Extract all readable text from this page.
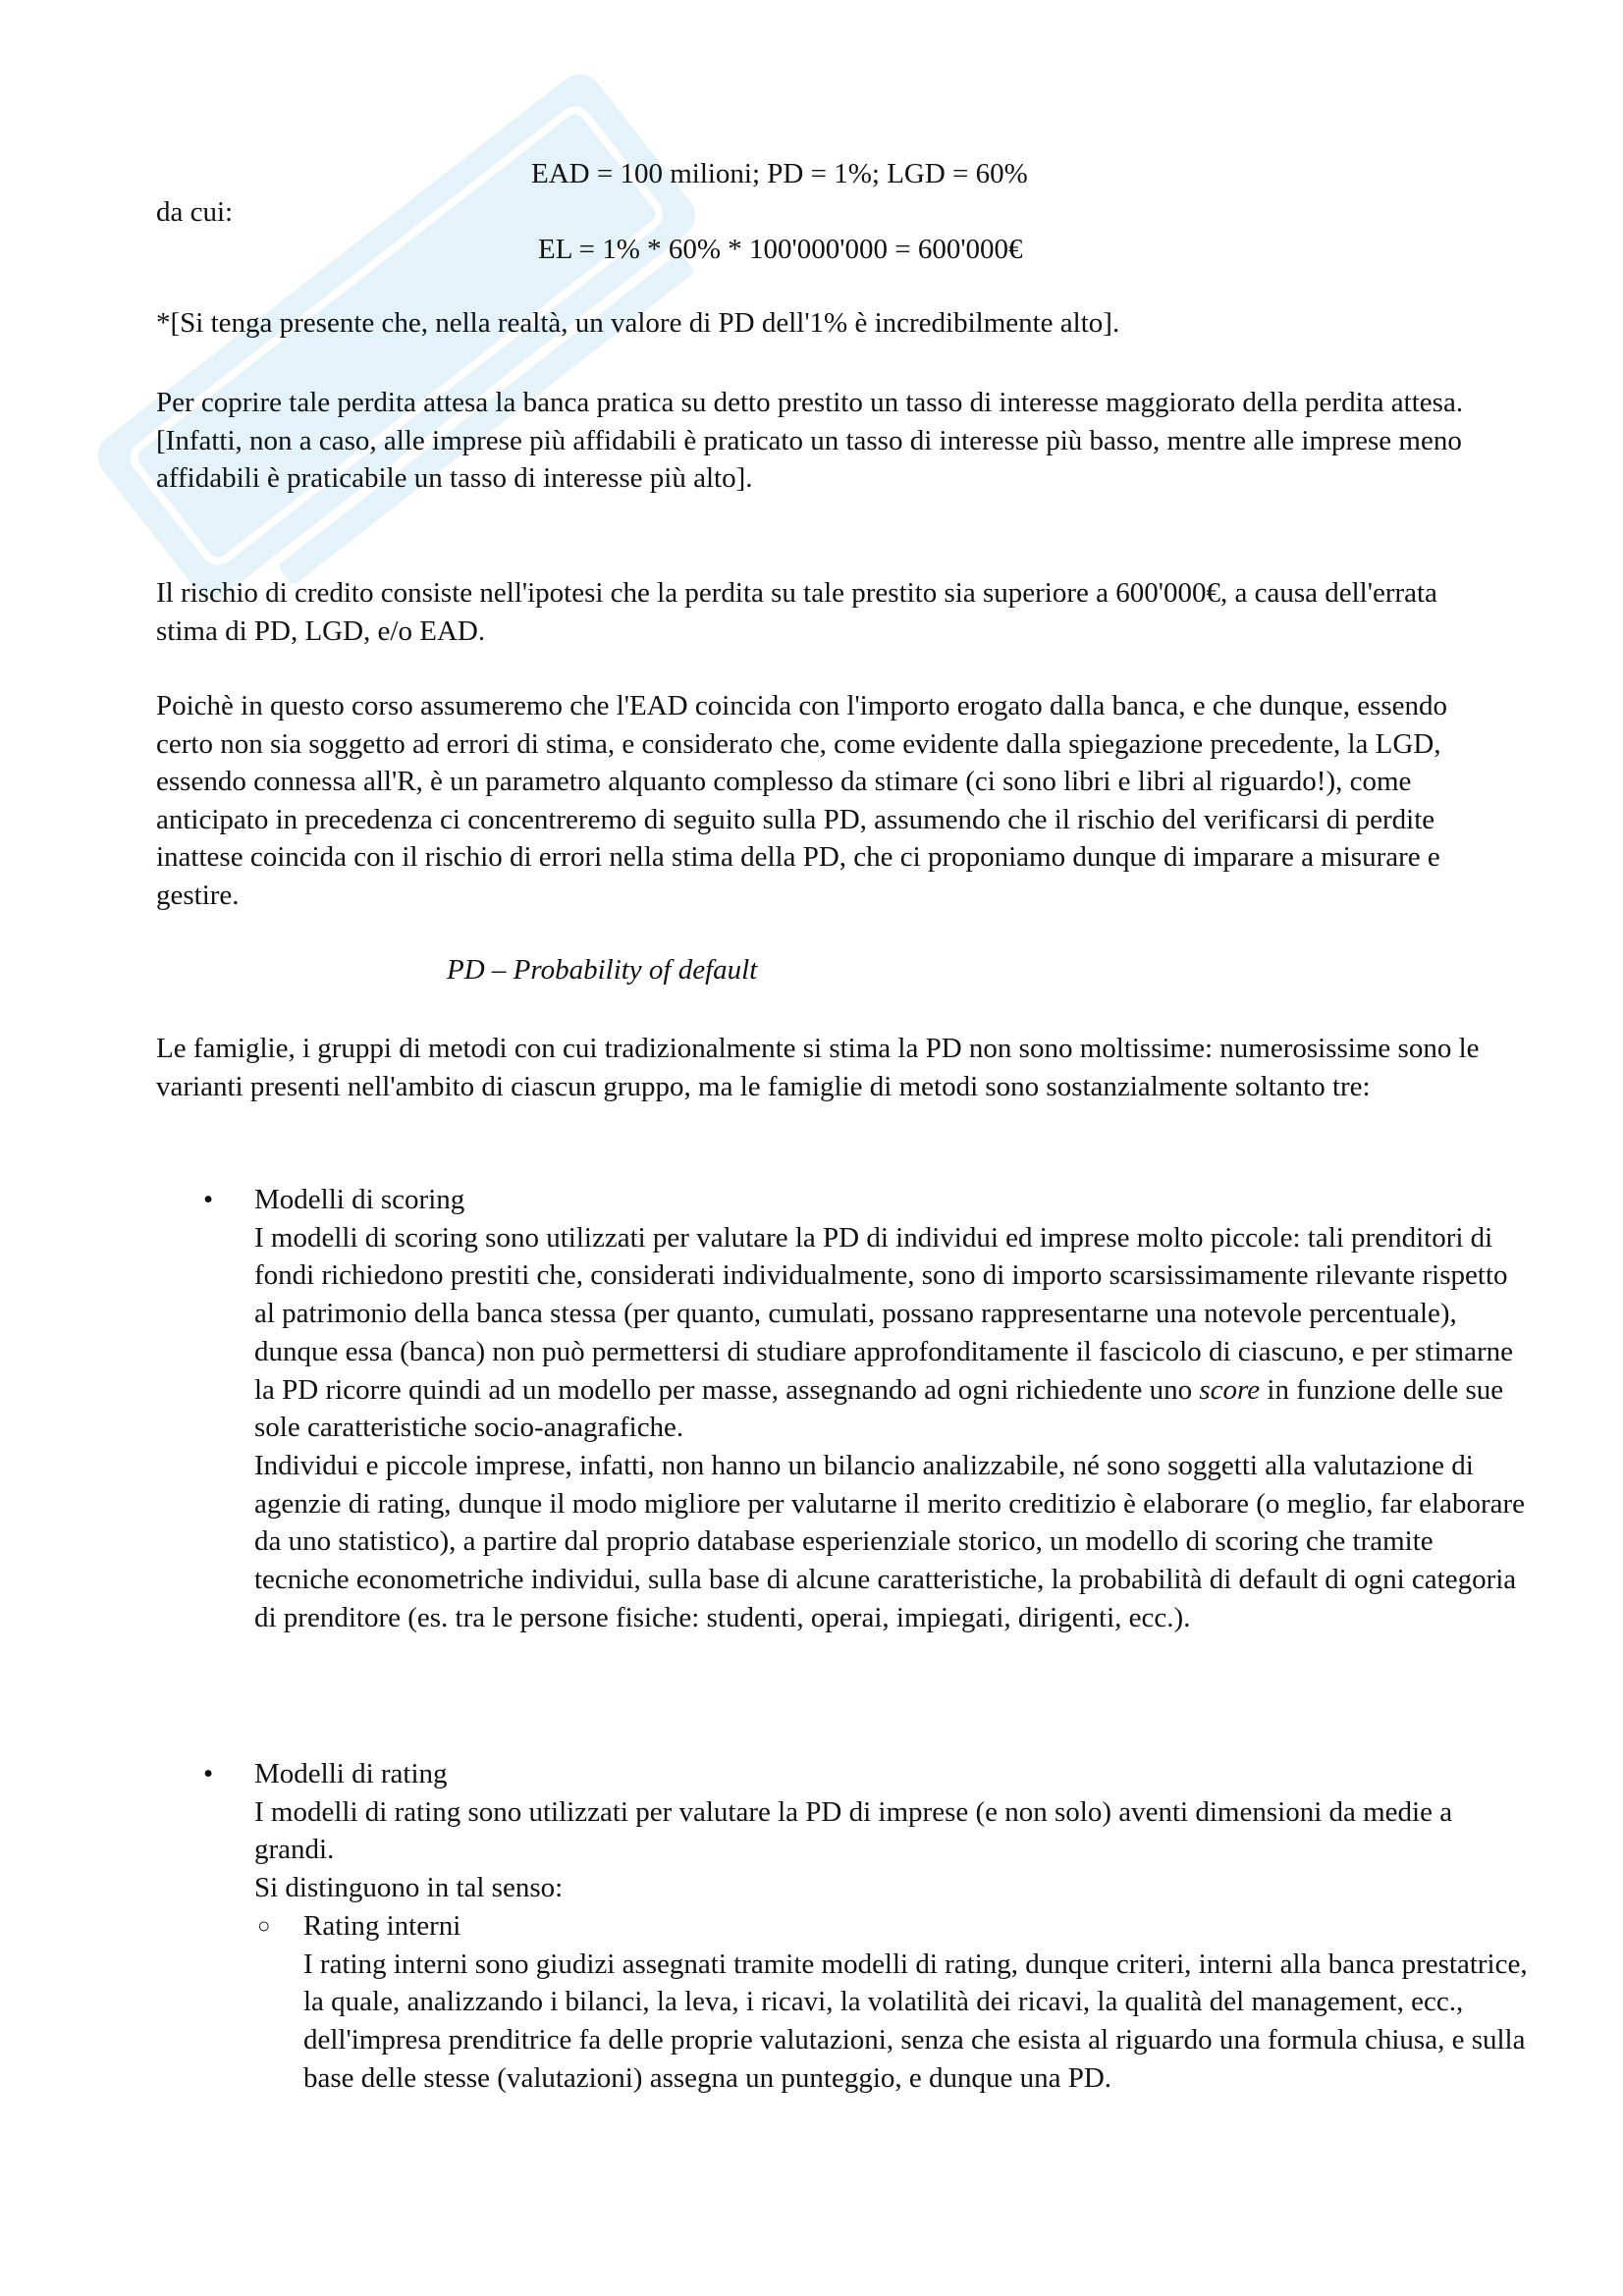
EAD = 100 milioni; PD = 1%; LGD = 60%
da cui:
EL = 1% * 60% * 100'000'000 = 600'000€

*[Si tenga presente che, nella realtà, un valore di PD dell'1% è incredibilmente alto].

Per coprire tale perdita attesa la banca pratica su detto prestito un tasso di interesse maggiorato della perdita attesa.

[Infatti, non a caso, alle imprese più affidabili è praticato un tasso di interesse più basso, mentre alle imprese meno affidabili è praticabile un tasso di interesse più alto].

Il rischio di credito consiste nell'ipotesi che la perdita su tale prestito sia superiore a 600'000€, a causa dell'errata stima di PD, LGD, e/o EAD.

Poichè in questo corso assumeremo che l'EAD coincida con l'importo erogato dalla banca, e che dunque, essendo certo non sia soggetto ad errori di stima, e considerato che, come evidente dalla spiegazione precedente, la LGD, essendo connessa all'R, è un parametro alquanto complesso da stimare (ci sono libri e libri al riguardo!), come anticipato in precedenza ci concentreremo di seguito sulla PD, assumendo che il rischio del verificarsi di perdite inattese coincida con il rischio di errori nella stima della PD, che ci proponiamo dunque di imparare a misurare e gestire.

PD – Probability of default

Le famiglie, i gruppi di metodi con cui tradizionalmente si stima la PD non sono moltissime: numerosissime sono le varianti presenti nell'ambito di ciascun gruppo, ma le famiglie di metodi sono sostanzialmente soltanto tre:

• Modelli di scoring

I modelli di scoring sono utilizzati per valutare la PD di individui ed imprese molto piccole: tali prenditori di fondi richiedono prestiti che, considerati individualmente, sono di importo scarsissimamente rilevante rispetto al patrimonio della banca stessa (per quanto, cumulati, possano rappresentarne una notevole percentuale), dunque essa (banca) non può permettersi di studiare approfonditamente il fascicolo di ciascuno, e per stimarne la PD ricorre quindi ad un modello per masse, assegnando ad ogni richiedente uno score in funzione delle sue sole caratteristiche socio-anagrafiche.

Individui e piccole imprese, infatti, non hanno un bilancio analizzabile, né sono soggetti alla valutazione di agenzie di rating, dunque il modo migliore per valutarne il merito creditizio è elaborare (o meglio, far elaborare da uno statistico), a partire dal proprio database esperienziale storico, un modello di scoring che tramite tecniche econometriche individui, sulla base di alcune caratteristiche, la probabilità di default di ogni categoria di prenditore (es. tra le persone fisiche: studenti, operai, impiegati, dirigenti, ecc.).

• Modelli di rating

I modelli di rating sono utilizzati per valutare la PD di imprese (e non solo) aventi dimensioni da medie a grandi.

Si distinguono in tal senso:

○ Rating interni

I rating interni sono giudizi assegnati tramite modelli di rating, dunque criteri, interni alla banca prestatrice, la quale, analizzando i bilanci, la leva, i ricavi, la volatilità dei ricavi, la qualità del management, ecc., dell'impresa prenditrice fa delle proprie valutazioni, senza che esista al riguardo una formula chiusa, e sulla base delle stesse (valutazioni) assegna un punteggio, e dunque una PD.
